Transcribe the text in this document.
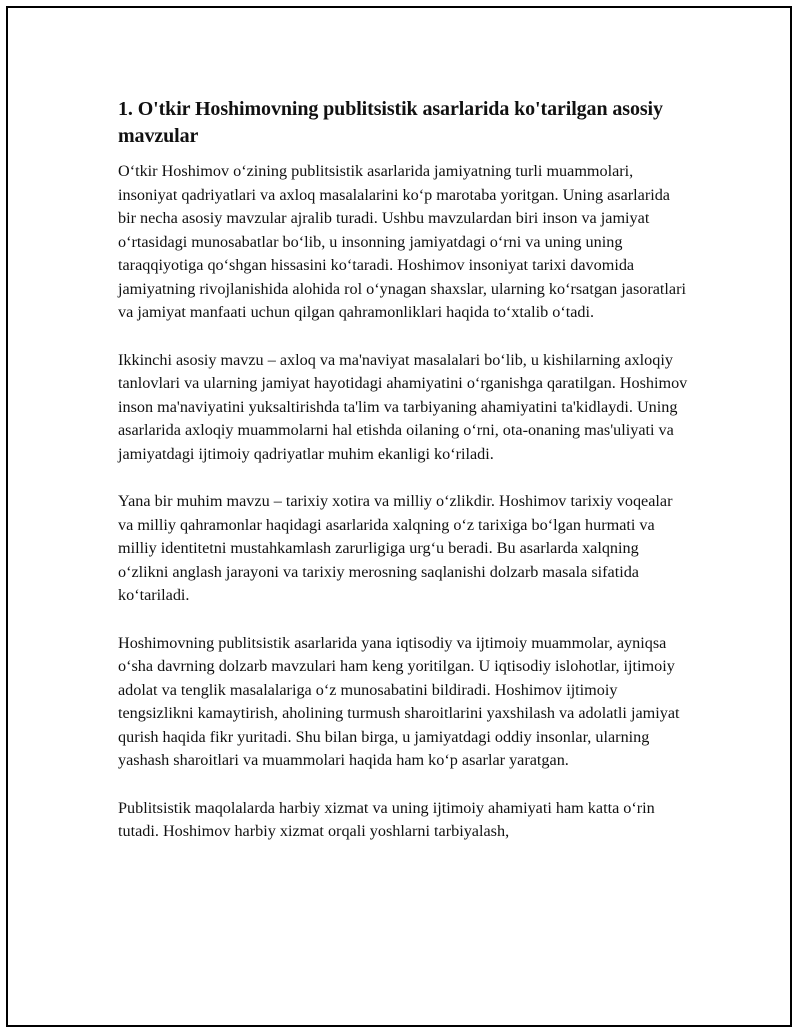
1. O'tkir Hoshimovning publitsistik asarlarida ko'tarilgan asosiy mavzular

O‘tkir Hoshimov o‘zining publitsistik asarlarida jamiyatning turli muammolari, insoniyat qadriyatlari va axloq masalalarini ko‘p marotaba yoritgan. Uning asarlarida bir necha asosiy mavzular ajralib turadi. Ushbu mavzulardan biri inson va jamiyat o‘rtasidagi munosabatlar bo‘lib, u insonning jamiyatdagi o‘rni va uning uning taraqqiyotiga qo‘shgan hissasini ko‘taradi. Hoshimov insoniyat tarixi davomida jamiyatning rivojlanishida alohida rol o‘ynagan shaxslar, ularning ko‘rsatgan jasoratlari va jamiyat manfaati uchun qilgan qahramonliklari haqida to‘xtalib o‘tadi.

Ikkinchi asosiy mavzu – axloq va ma'naviyat masalalari bo‘lib, u kishilarning axloqiy tanlovlari va ularning jamiyat hayotidagi ahamiyatini o‘rganishga qaratilgan. Hoshimov inson ma'naviyatini yuksaltirishda ta'lim va tarbiyaning ahamiyatini ta'kidlaydi. Uning asarlarida axloqiy muammolarni hal etishda oilaning o‘rni, ota-onaning mas'uliyati va jamiyatdagi ijtimoiy qadriyatlar muhim ekanligi ko‘riladi.

Yana bir muhim mavzu – tarixiy xotira va milliy o‘zlikdir. Hoshimov tarixiy voqealar va milliy qahramonlar haqidagi asarlarida xalqning o‘z tarixiga bo‘lgan hurmati va milliy identitetni mustahkamlash zarurligiga urg‘u beradi. Bu asarlarda xalqning o‘zlikni anglash jarayoni va tarixiy merosning saqlanishi dolzarb masala sifatida ko‘tariladi.

Hoshimovning publitsistik asarlarida yana iqtisodiy va ijtimoiy muammolar, ayniqsa o‘sha davrning dolzarb mavzulari ham keng yoritilgan. U iqtisodiy islohotlar, ijtimoiy adolat va tenglik masalalariga o‘z munosabatini bildiradi. Hoshimov ijtimoiy tengsizlikni kamaytirish, aholining turmush sharoitlarini yaxshilash va adolatli jamiyat qurish haqida fikr yuritadi. Shu bilan birga, u jamiyatdagi oddiy insonlar, ularning yashash sharoitlari va muammolari haqida ham ko‘p asarlar yaratgan.

Publitsistik maqolalarda harbiy xizmat va uning ijtimoiy ahamiyati ham katta o‘rin tutadi. Hoshimov harbiy xizmat orqali yoshlarni tarbiyalash,
